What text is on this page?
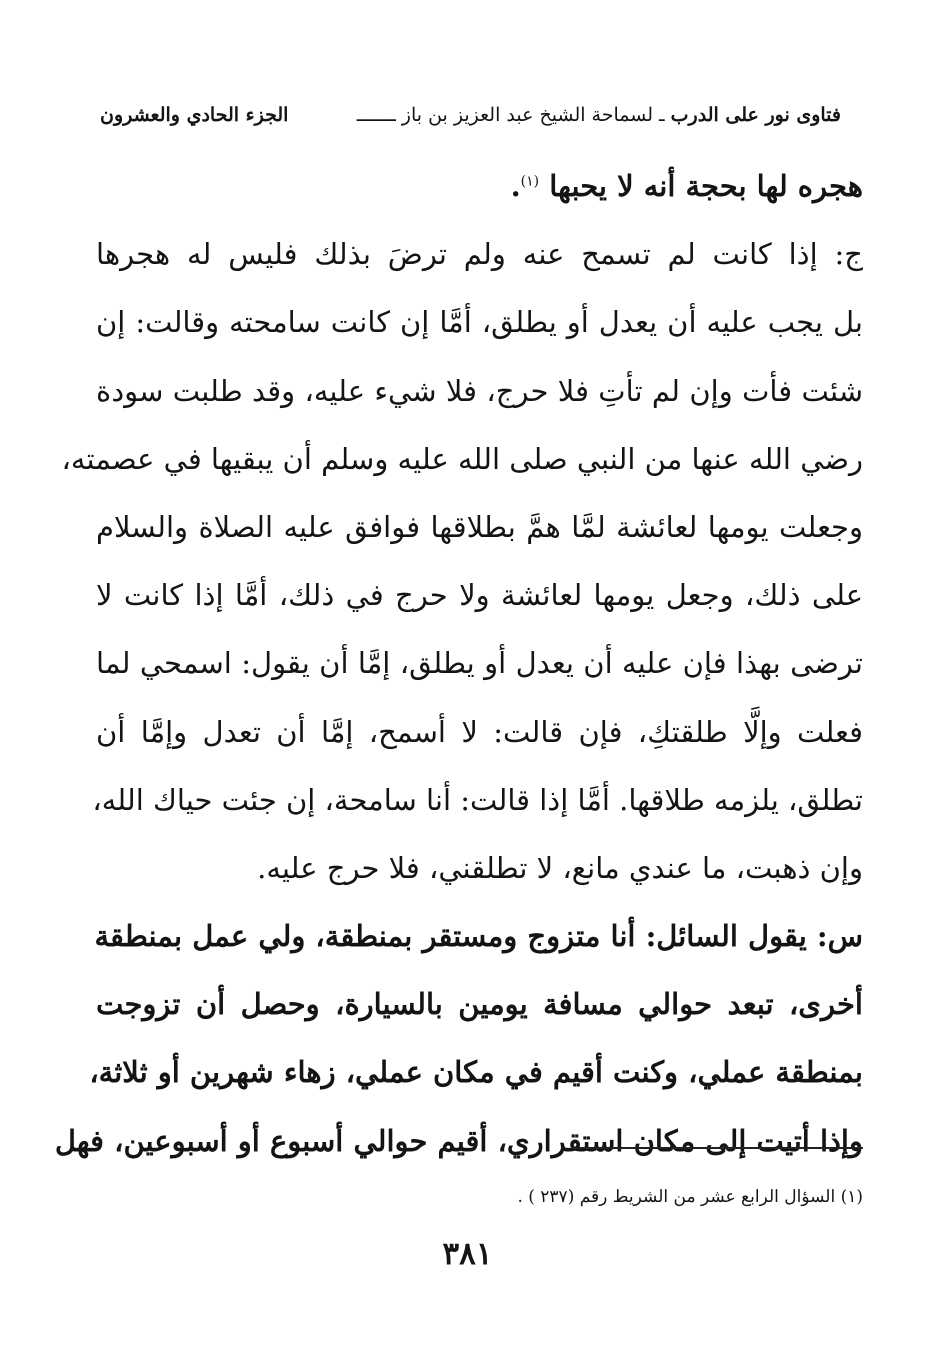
فتاوى نور على الدرب ـ لسماحة الشيخ عبد العزيز بن باز ـــــــ
الجزء الحادي والعشرون
هجره لها بحجة أنه لا يحبها $^{(١)}$.
ج: إذا كانت لم تسمح عنه ولم ترضَ بذلك فليس له هجرها
بل يجب عليه أن يعدل أو يطلق، أمَّا إن كانت سامحته وقالت: إن
شئت فأت وإن لم تأتِ فلا حرج، فلا شيء عليه، وقد طلبت سودة
رضي الله عنها من النبي صلى الله عليه وسلم أن يبقيها في عصمته،
وجعلت يومها لعائشة لمَّا همَّ بطلاقها فوافق عليه الصلاة والسلام
على ذلك، وجعل يومها لعائشة ولا حرج في ذلك، أمَّا إذا كانت لا
ترضى بهذا فإن عليه أن يعدل أو يطلق، إمَّا أن يقول: اسمحي لما
فعلت وإلَّا طلقتكِ، فإن قالت: لا أسمح، إمَّا أن تعدل وإمَّا أن
تطلق، يلزمه طلاقها. أمَّا إذا قالت: أنا سامحة، إن جئت حياك الله،
وإن ذهبت، ما عندي مانع، لا تطلقني، فلا حرج عليه.
س: يقول السائل: أنا متزوج ومستقر بمنطقة، ولي عمل بمنطقة
أخرى، تبعد حوالي مسافة يومين بالسيارة، وحصل أن تزوجت
بمنطقة عملي، وكنت أقيم في مكان عملي، زهاء شهرين أو ثلاثة،
وإذا أتيت إلى مكان استقراري، أقيم حوالي أسبوع أو أسبوعين، فهل
(١) السؤال الرابع عشر من الشريط رقم (٢٣٧ ) .
٣٨١
